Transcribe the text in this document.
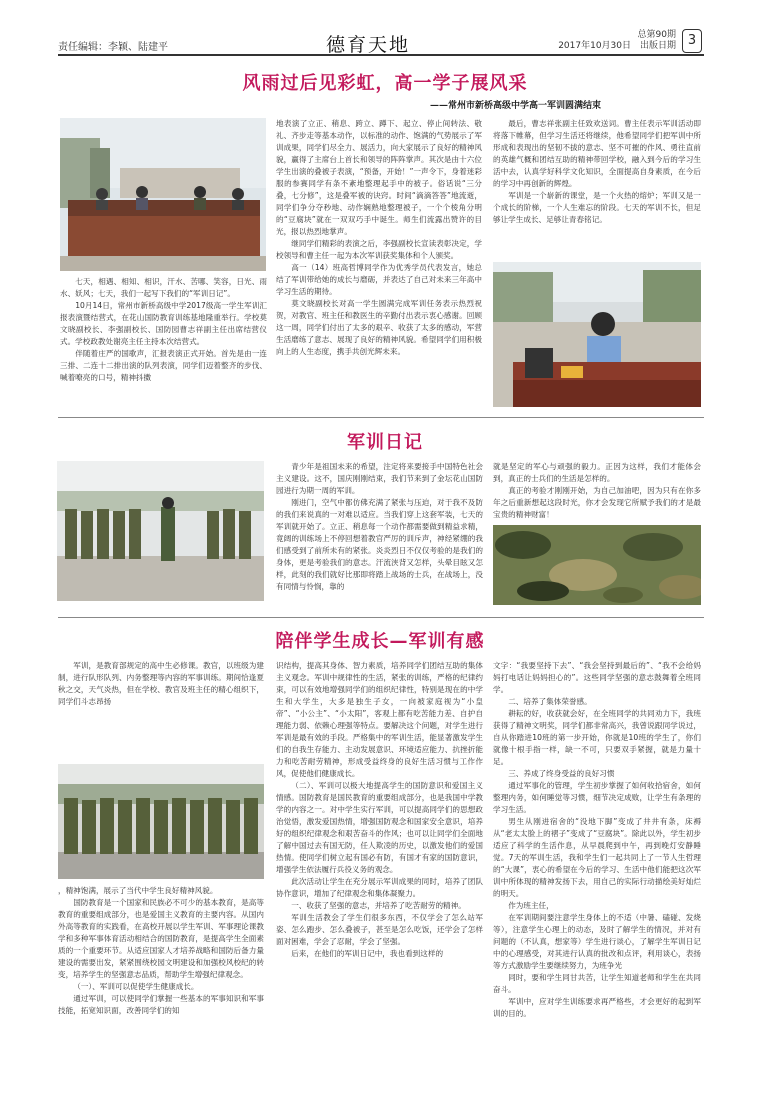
责任编辑：李颖、陆建平	德育天地	总第90期
2017年10月30日　出版日期 3
风雨过后见彩虹，高一学子展风采
——常州市新桥高级中学高一军训圆满结束

七天，相遇、相知、相识，汗水、苦哪、笑容，日光、雨水、妖风；七天，我们一起写下我们的“军训日记”。

10月14日，常州市新桥高级中学2017级高一学生军训汇报表演暨结营式，在花山国防教育训练基地隆重举行。学校莫文晓副校长、李强副校长、国防园曹志祥副主任出席结营仪式。学校政教处谢亮主任主持本次结营式。

伴随着庄严的国歌声，汇报表演正式开始。首先是由一连三排、二连十二排出演的队列表演，同学们迈着整齐的步伐、喊着嘹亮的口号，精神抖擞

地表演了立正、稍息、跨立、蹲下、起立、停止间转法、敬礼、齐步走等基本动作，以标准的动作、饱满的气势展示了军训成果，同学们尽全力、展活力，向大家展示了良好的精神风貌，赢得了主席台上首长和领导的阵阵掌声。其次是由十六位学生出演的叠被子表演，“预备，开始！”一声令下，身着迷彩服的参赛同学有条不紊地整理起手中的被子。俗话说“三分叠，七分修”，这是叠军被的诀窍。时间“滴滴答答”地流逝，同学们争分夺秒地、动作娴熟地整理被子，一个个棱角分明的“豆腐块”就在一双双巧手中诞生。师生们流露出赞许的目光，报以热烈地掌声。

继同学们精彩的表演之后，李强副校长宣读表彰决定，学校领导和曹主任一起为本次军训获奖集体和个人颁奖。

高一（14）班高哲博同学作为优秀学员代表发言，她总结了军训带给她的成长与磨砺，并表达了自己对未来三年高中学习生活的期待。

莫文晓副校长对高一学生圆满完成军训任务表示热烈祝贺，对教官、班主任和教医生的辛勤付出表示衷心感谢。回顾这一周，同学们付出了太多的艰辛、收获了太多的感动，军营生活磨练了意志、展现了良好的精神风貌。希望同学们用积极向上的人生态度，携手共创光辉未来。

最后，曹志祥张副主任致欢送词。曹主任表示军训活动即将落下帷幕，但学习生活还将继续，他希望同学们把军训中所形成和表现出的坚韧不拔的意志、坚不可摧的作风、勇往直前的英雄气概和团结互助的精神带回学校，融入到今后的学习生活中去，认真学好科学文化知识，全面提高自身素质，在今后的学习中再创新的辉煌。

军训是一个崭新的课堂，是一个火热的熔炉；军训又是一个成长的阶梯，一个人生难忘的阶段。七天的军训不长，但足够让学生成长、足够让青春铭记。

军训日记

青少年是祖国未来的希望，注定将来要接手中国特色社会主义建设。这不，国庆刚刚结束，我们节来到了金坛花山国防园进行为期一周的军训。

刚进门，空气中都仿佛充满了紧张与压迫，对于我不及防的我们来说真的一对难以适应。当我们穿上这套军装，七天的军训就开始了。立正、稍息每一个动作都需要做到精益求精，竟阔的训练场上不停回想着教官严厉的训斥声，神经紧绷的我们感受到了前所未有的紧张。炎炎烈日不仅仅考验的是我们的身体，更是考验我们的意志。汗流浃背又怎样，头晕目眩又怎样，此刻的我们就好比那即将踏上战场的士兵，在战场上，没有同情与怜悯，靠的

就是坚定的军心与顽强的毅力。正因为这样，我们才能体会到，真正的士兵们的生活是怎样的。

真正的考验才刚刚开始，为自己加油吧，因为只有在你多年之后重新想起这段时光，你才会发现它所赋予我们的才是最宝贵的精神财富！

陪伴学生成长—军训有感

军训，是教育部规定的高中生必修课。教官，以班级为建制，进行队形队列、内务整理等内容的军事训练。期间恰逢夏秋之交，天气炎热，但在学校、教官及班主任的精心组织下，同学们斗志昂扬

，精神饱满，展示了当代中学生良好精神风貌。

国防教育是一个国家和民族必不可少的基本教育，是高等教育的重要组成部分，也是爱国主义教育的主要内容。从国内外高等教育的实践看，在高校开展以学生军训、军事理论课教学和多种军事体育活动相结合的国防教育，是提高学生全面素质的一个重要环节。从适应国家人才培养战略和国防后备力量建设的需要出发，紧紧围绕校园文明建设和加强校风校纪的转变，培养学生的坚强意志品质，帮助学生增强纪律观念。

（一）、军训可以促使学生健康成长。

通过军训，可以使同学们掌握一些基本的军事知识和军事技能，拓宽知识面，改善同学们的知

识结构，提高其身体、智力素质，培养同学们团结互助的集体主义观念。军训中规律性的生活，紧张的训练，严格的纪律约束，可以有效地增强同学们的组织纪律性，特别是现在的中学生和大学生，大多是独生子女，一向被家庭视为“小皇帝”、“小公主”、“小太阳”，客观上都有吃苦能力差、自护自理能力弱、依赖心理强等特点。要解决这个问题，对学生进行军训是最有效的手段。严格集中的军训生活，能显著激发学生们的自我生存能力、主动发展意识、环境适应能力、抗挫折能力和吃苦耐劳精神，形成受益终身的良好生活习惯与工作作风，促使他们健康成长。

（二）、军训可以极大地提高学生的国防意识和爱国主义情感。国防教育是国民教育的重要组成部分，也是我国中学教学的内容之一。对中学生实行军训，可以提高同学们的思想政治觉悟，激发爱国热情，增强国防观念和国家安全意识，培养好的组织纪律观念和艰苦奋斗的作风；也可以让同学们全面地了解中国过去有国无防，任人欺凌的历史，以激发他们的爱国热情。使同学们树立起有国必有防，有国才有家的国防意识，增强学生依法履行兵役义务的观念。

此次活动让学生在充分展示军训成果的同时，培养了团队协作意识，增加了纪律观念和集体凝聚力。

一、收获了坚强的意志，并培养了吃苦耐劳的精神。

军训生活教会了学生们很多东西，不仅学会了怎么站军姿、怎么跑步、怎么叠被子，甚至是怎么吃饭，还学会了怎样面对困难，学会了忍耐，学会了坚强。

后来，在他们的军训日记中，我也看到这样的

文字：“我要坚持下去”、“我会坚持到最后的”、“我不会给妈妈打电话让妈妈担心的”。这些同学坚强的意志鼓舞着全班同学。

二、培养了集体荣誉感。

耕耘的好，收获就会好，在全班同学的共同劝力下，我班获得了精神文明奖，同学们都非常高兴，我曾说跟同学说过，自从你踏进10班的第一步开始，你就是10班的学生了，你们就像十根手指一样，缺一不可，只要双手紧握，就是力量十足。

三、养成了终身受益的良好习惯

通过军事化的管理，学生初步掌握了如何收拾宿舍，如何整理内务，如何睡觉等习惯，细节决定成败，让学生有条理的学习生活。

男生从刚进宿舍的“没地下脚”变成了井井有条，床褥从“老太太脸上的褶子”变成了“豆腐块”。除此以外，学生初步适应了科学的生活作息，从早晨爬到中午，再到晚灯安静睡觉。7天的军训生活，我和学生们一起共同上了一节人生哲理的“大课”，衷心的希望在今后的学习、生活中他们能把这次军训中所体现的精神发扬下去，用自己的实际行动描绘美好灿烂的明天。

作为班主任，

在军训期间要注意学生身体上的不适（中暑、磕碰、发烧等），注意学生心理上的动态，及时了解学生的情况，并对有问题的（不认真，想家等）学生进行谈心，了解学生军训日记中的心理感受，对其进行认真的批改和点评，利用谈心，表扬等方式激励学生要继续努力，为班争光

同时，要和学生同甘共苦，让学生知道老师和学生在共同奋斗。

军训中，应对学生训练要求再严格些，才会更好的起到军训的目的。
